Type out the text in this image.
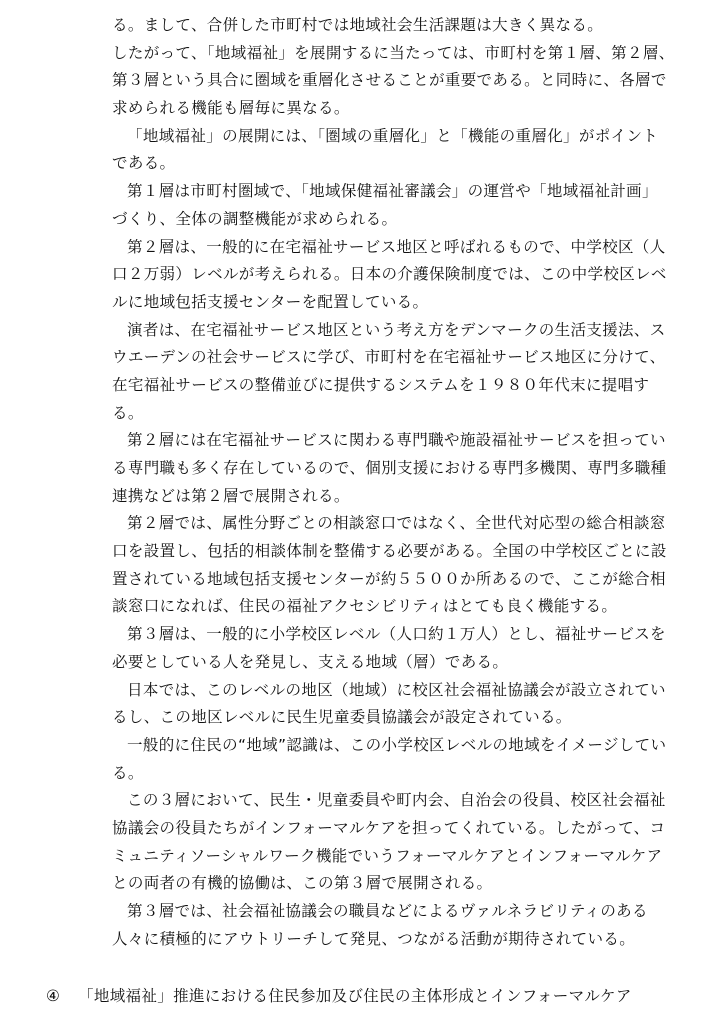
る。まして、合併した市町村では地域社会生活課題は大きく異なる。
したがって、「地域福祉」を展開するに当たっては、市町村を第１層、第２層、
第３層という具合に圏域を重層化させることが重要である。と同時に、各層で
求められる機能も層毎に異なる。
「地域福祉」の展開には、「圏域の重層化」と「機能の重層化」がポイント
である。
第１層は市町村圏域で、「地域保健福祉審議会」の運営や「地域福祉計画」
づくり、全体の調整機能が求められる。
第２層は、一般的に在宅福祉サービス地区と呼ばれるもので、中学校区（人
口２万弱）レベルが考えられる。日本の介護保険制度では、この中学校区レベ
ルに地域包括支援センターを配置している。
演者は、在宅福祉サービス地区という考え方をデンマークの生活支援法、ス
ウエーデンの社会サービスに学び、市町村を在宅福祉サービス地区に分けて、
在宅福祉サービスの整備並びに提供するシステムを１９８０年代末に提唱す
る。
第２層には在宅福祉サービスに関わる専門職や施設福祉サービスを担ってい
る専門職も多く存在しているので、個別支援における専門多機関、専門多職種
連携などは第２層で展開される。
第２層では、属性分野ごとの相談窓口ではなく、全世代対応型の総合相談窓
口を設置し、包括的相談体制を整備する必要がある。全国の中学校区ごとに設
置されている地域包括支援センターが約５５００か所あるので、ここが総合相
談窓口になれば、住民の福祉アクセシビリティはとても良く機能する。
第３層は、一般的に小学校区レベル（人口約１万人）とし、福祉サービスを
必要としている人を発見し、支える地域（層）である。
日本では、このレベルの地区（地域）に校区社会福祉協議会が設立されてい
るし、この地区レベルに民生児童委員協議会が設定されている。
一般的に住民の“地域”認識は、この小学校区レベルの地域をイメージしてい
る。
この３層において、民生・児童委員や町内会、自治会の役員、校区社会福祉
協議会の役員たちがインフォーマルケアを担ってくれている。したがって、コ
ミュニティソーシャルワーク機能でいうフォーマルケアとインフォーマルケア
との両者の有機的協働は、この第３層で展開される。
第３層では、社会福祉協議会の職員などによるヴァルネラビリティのある
人々に積極的にアウトリーチして発見、つながる活動が期待されている。
④ 「地域福祉」推進における住民参加及び住民の主体形成とインフォーマルケア
